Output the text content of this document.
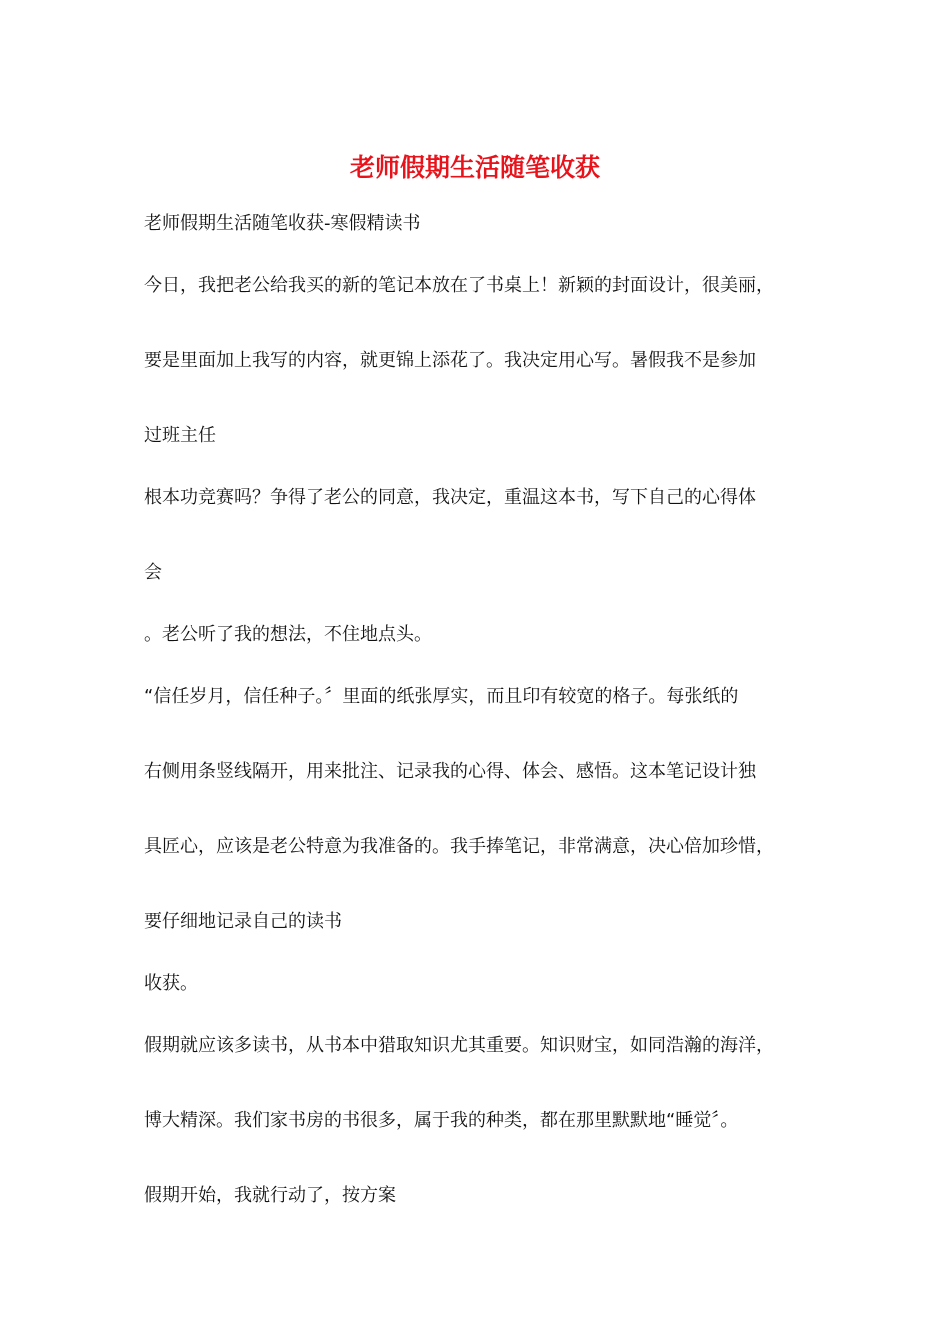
老师假期生活随笔收获
老师假期生活随笔收获-寒假精读书
今日，我把老公给我买的新的笔记本放在了书桌上！新颖的封面设计，很美丽，
要是里面加上我写的内容，就更锦上添花了。我决定用心写。暑假我不是参加
过班主任
根本功竞赛吗？争得了老公的同意，我决定，重温这本书，写下自己的心得体
会
。老公听了我的想法，不住地点头。
“信任岁月，信任种子。〞里面的纸张厚实，而且印有较宽的格子。每张纸的
右侧用条竖线隔开，用来批注、记录我的心得、体会、感悟。这本笔记设计独
具匠心，应该是老公特意为我准备的。我手捧笔记，非常满意，决心倍加珍惜，
要仔细地记录自己的读书
收获。
假期就应该多读书，从书本中猎取知识尤其重要。知识财宝，如同浩瀚的海洋，
博大精深。我们家书房的书很多，属于我的种类，都在那里默默地“睡觉〞。
假期开始，我就行动了，按方案
